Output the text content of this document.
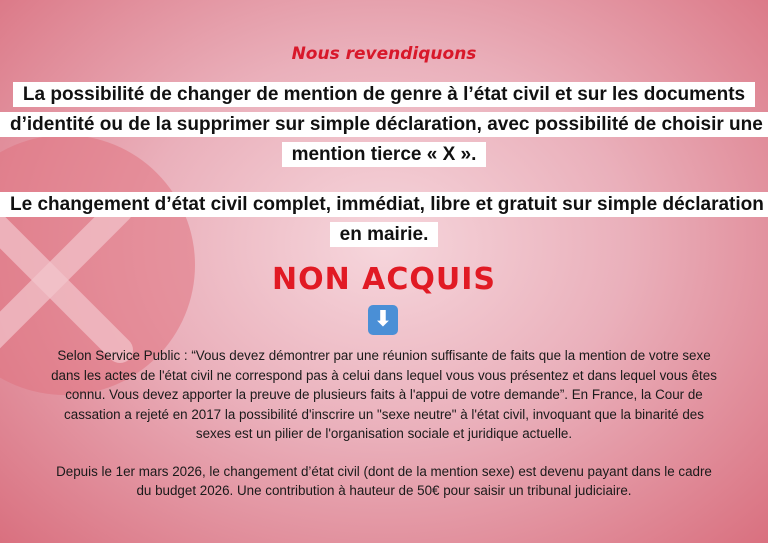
Nous revendiquons

La possibilité de changer de mention de genre à l’état civil et sur les documents d’identité ou de la supprimer sur simple déclaration, avec possibilité de choisir une mention tierce « X ».

Le changement d’état civil complet, immédiat, libre et gratuit sur simple déclaration en mairie.

NON ACQUIS
⬇

Selon Service Public : “Vous devez démontrer par une réunion suffisante de faits que la mention de votre sexe dans les actes de l'état civil ne correspond pas à celui dans lequel vous vous présentez et dans lequel vous êtes connu. Vous devez apporter la preuve de plusieurs faits à l'appui de votre demande”. En France, la Cour de cassation a rejeté en 2017 la possibilité d'inscrire un "sexe neutre" à l'état civil, invoquant que la binarité des sexes est un pilier de l'organisation sociale et juridique actuelle.

Depuis le 1er mars 2026, le changement d’état civil (dont de la mention sexe) est devenu payant dans le cadre du budget 2026. Une contribution à hauteur de 50€ pour saisir un tribunal judiciaire.
